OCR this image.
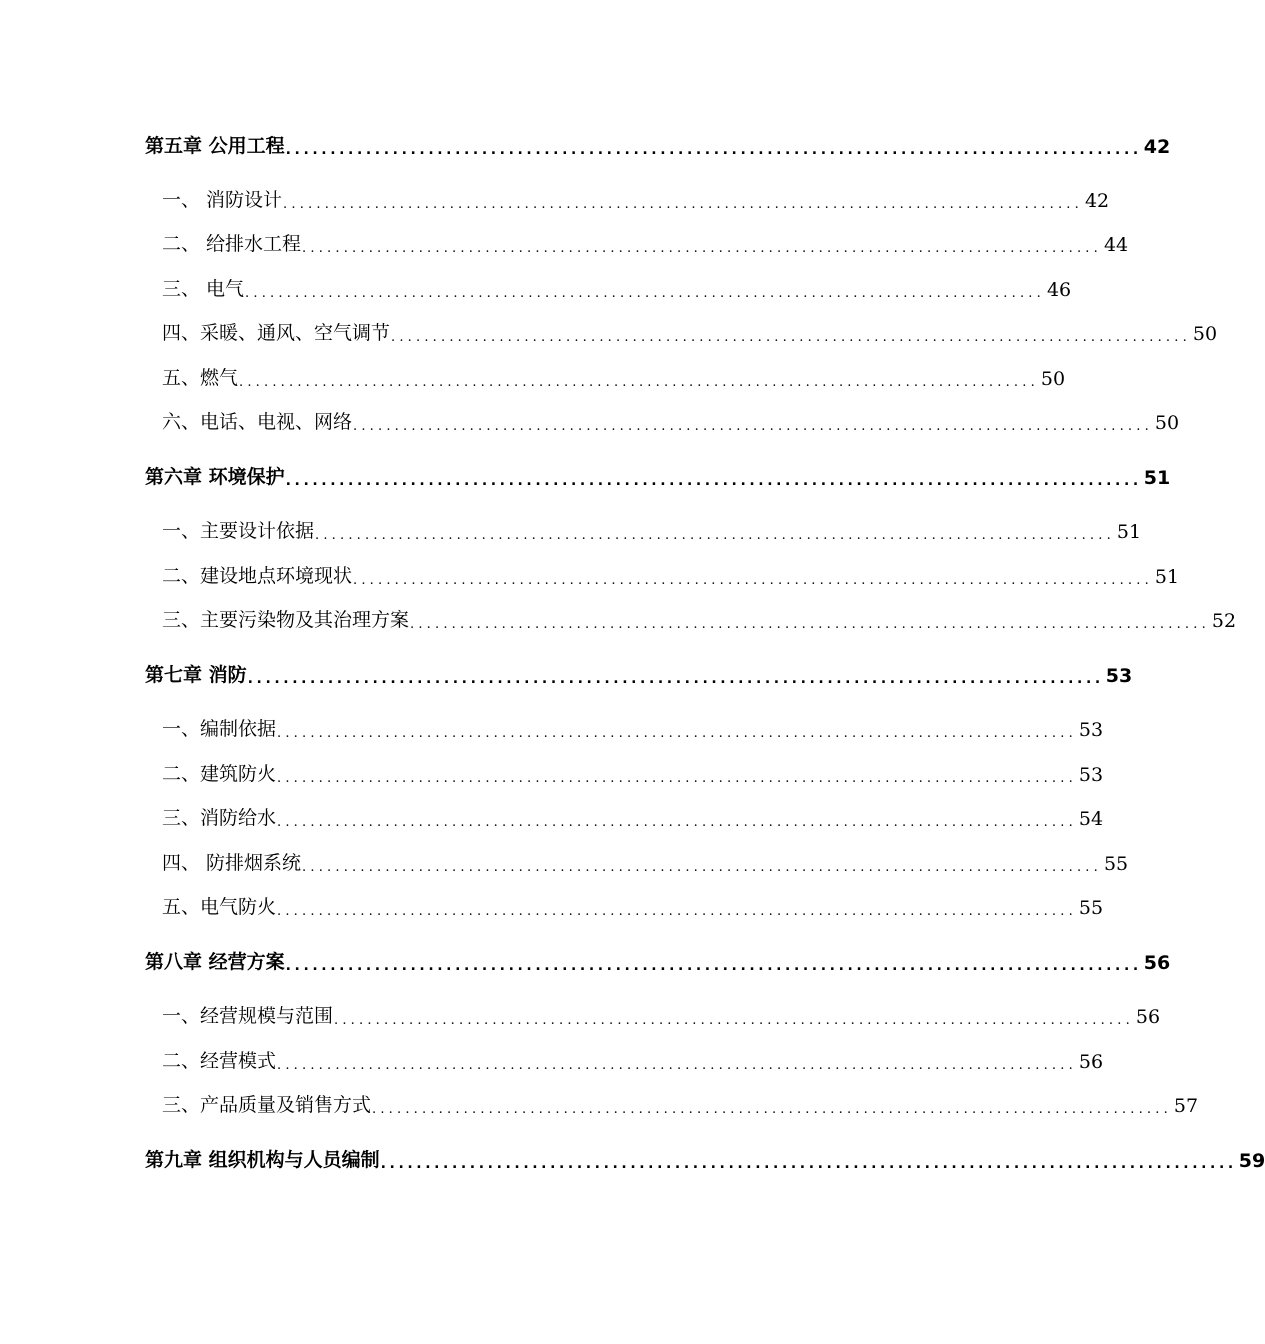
第五章 公用工程 ................................................................................................ 42
一、 消防设计 ................................................................................................ 42
二、 给排水工程 ................................................................................................ 44
三、 电气 ................................................................................................ 46
四、采暖、通风、空气调节 ................................................................................................ 50
五、燃气 ................................................................................................ 50
六、电话、电视、网络 ................................................................................................ 50
第六章 环境保护 ................................................................................................ 51
一、主要设计依据 ................................................................................................ 51
二、建设地点环境现状 ................................................................................................ 51
三、主要污染物及其治理方案 ................................................................................................ 52
第七章 消防 ................................................................................................ 53
一、编制依据 ................................................................................................ 53
二、建筑防火 ................................................................................................ 53
三、消防给水 ................................................................................................ 54
四、 防排烟系统 ................................................................................................ 55
五、电气防火 ................................................................................................ 55
第八章 经营方案 ................................................................................................ 56
一、经营规模与范围 ................................................................................................ 56
二、经营模式 ................................................................................................ 56
三、产品质量及销售方式 ................................................................................................ 57
第九章 组织机构与人员编制 ................................................................................................ 59
